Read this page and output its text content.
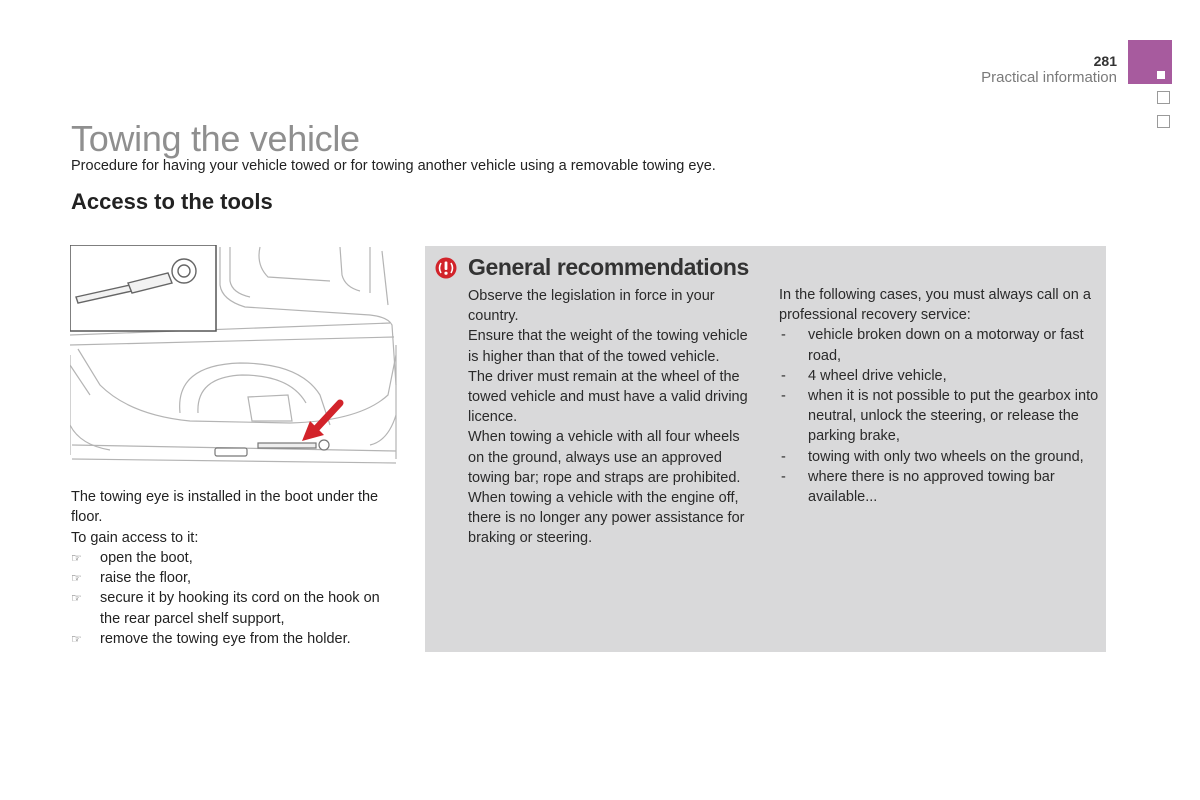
281
Practical information
Towing the vehicle

Procedure for having your vehicle towed or for towing another vehicle using a removable towing eye.

Access to the tools

The towing eye is installed in the boot under the floor.

To gain access to it:

☞ open the boot,
☞ raise the floor,
☞ secure it by hooking its cord on the hook on the rear parcel shelf support,
☞ remove the towing eye from the holder.
General recommendations

Observe the legislation in force in your country.

Ensure that the weight of the towing vehicle is higher than that of the towed vehicle.

The driver must remain at the wheel of the towed vehicle and must have a valid driving licence.

When towing a vehicle with all four wheels on the ground, always use an approved towing bar; rope and straps are prohibited.

When towing a vehicle with the engine off, there is no longer any power assistance for braking or steering.

In the following cases, you must always call on a professional recovery service:

- vehicle broken down on a motorway or fast road,
- 4 wheel drive vehicle,
- when it is not possible to put the gearbox into neutral, unlock the steering, or release the parking brake,
- towing with only two wheels on the ground,
- where there is no approved towing bar available...
